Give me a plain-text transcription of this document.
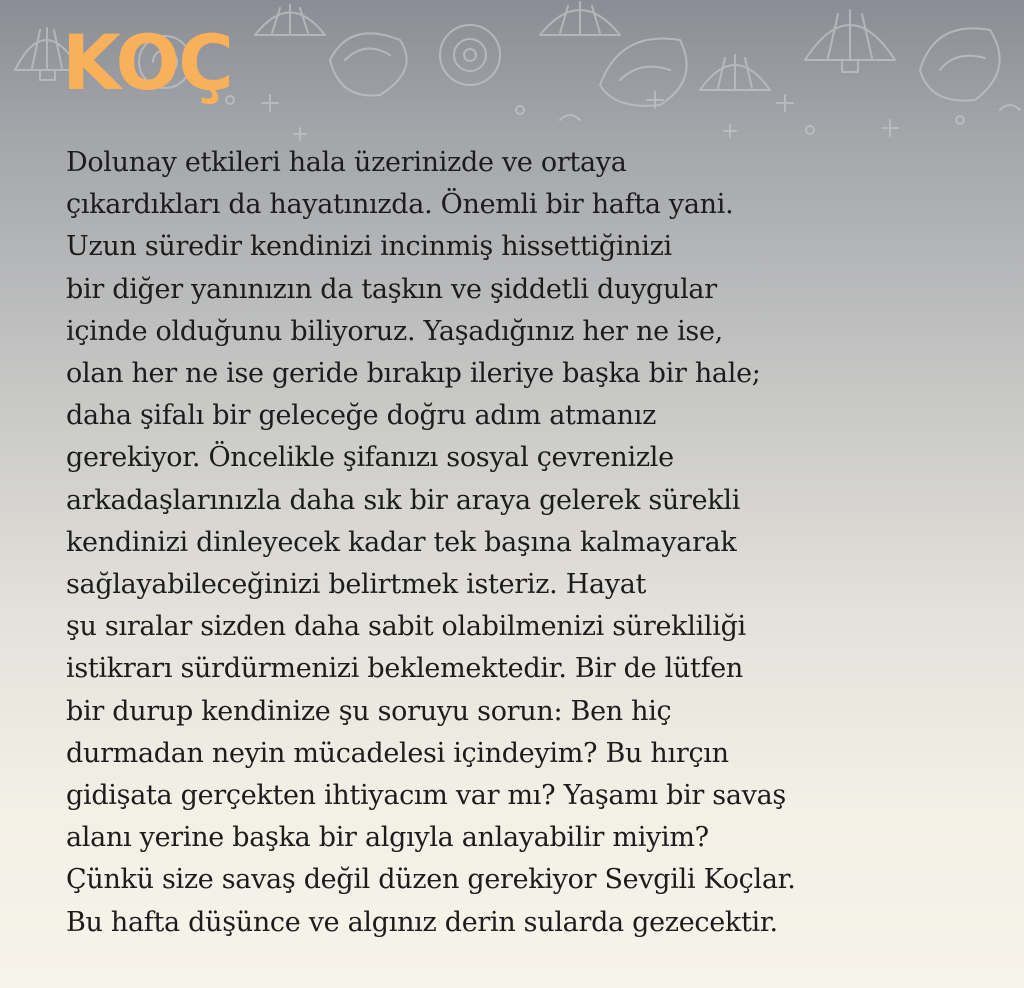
KOÇ
Dolunay etkileri hala üzerinizde ve ortaya
çıkardıkları da hayatınızda. Önemli bir hafta yani.
Uzun süredir kendinizi incinmiş hissettiğinizi
bir diğer yanınızın da taşkın ve şiddetli duygular
içinde olduğunu biliyoruz. Yaşadığınız her ne ise,
olan her ne ise geride bırakıp ileriye başka bir hale;
daha şifalı bir geleceğe doğru adım atmanız
gerekiyor. Öncelikle şifanızı sosyal çevrenizle
arkadaşlarınızla daha sık bir araya gelerek sürekli
kendinizi dinleyecek kadar tek başına kalmayarak
sağlayabileceğinizi belirtmek isteriz. Hayat
şu sıralar sizden daha sabit olabilmenizi sürekliliği
istikrarı sürdürmenizi beklemektedir. Bir de lütfen
bir durup kendinize şu soruyu sorun: Ben hiç
durmadan neyin mücadelesi içindeyim? Bu hırçın
gidişata gerçekten ihtiyacım var mı? Yaşamı bir savaş
alanı yerine başka bir algıyla anlayabilir miyim?
Çünkü size savaş değil düzen gerekiyor Sevgili Koçlar.
Bu hafta düşünce ve algınız derin sularda gezecektir.
